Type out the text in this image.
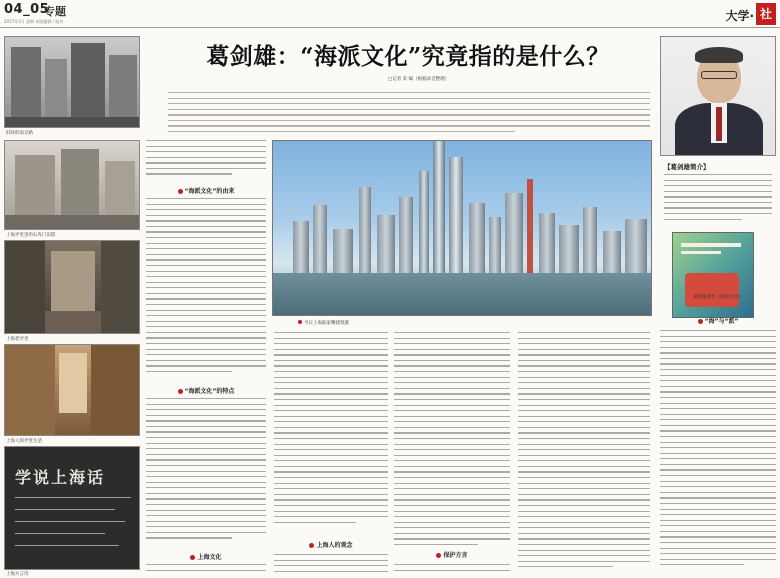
04_05
专题
2017年3月 星期 本版编辑 / 校对	大学· 社
旧时的南京路
上海弄堂里的石库门旧影
上海老弄堂
上海人的弄堂生活
学说上海话
上海方言诗
葛剑雄：“海派文化”究竟指的是什么？
□记者 采 编（根据录音整理）
“海派文化”的由来
“海派文化”的特点
上海文化
今日上海陆家嘴建筑群
上海人的观念
保护方言
【葛剑雄简介】
葛剑雄著作《海派文化》
“海”与“派”
